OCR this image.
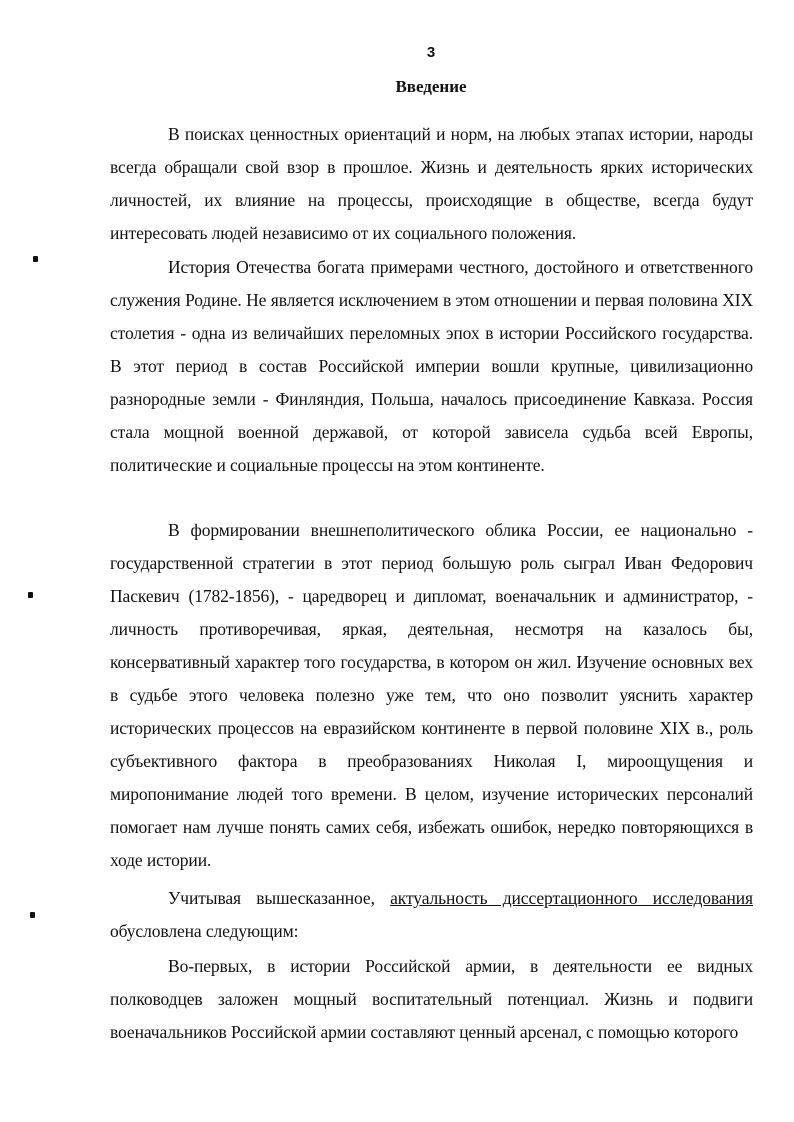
3
Введение

В поисках ценностных ориентаций и норм, на любых этапах истории, народы всегда обращали свой взор в прошлое. Жизнь и деятельность ярких исторических личностей, их влияние на процессы, происходящие в обществе, всегда будут интересовать людей независимо от их социального положения.

История Отечества богата примерами честного, достойного и ответственного служения Родине. Не является исключением в этом отношении и первая половина XIX столетия - одна из величайших переломных эпох в истории Российского государства. В этот период в состав Российской империи вошли крупные, цивилизационно разнородные земли - Финляндия, Польша, началось присоединение Кавказа. Россия стала мощной военной державой, от которой зависела судьба всей Европы, политические и социальные процессы на этом континенте.

В формировании внешнеполитического облика России, ее национально - государственной стратегии в этот период большую роль сыграл Иван Федорович Паскевич (1782-1856), - царедворец и дипломат, военачальник и администратор, - личность противоречивая, яркая, деятельная, несмотря на казалось бы, консервативный характер того государства, в котором он жил. Изучение основных вех в судьбе этого человека полезно уже тем, что оно позволит уяснить характер исторических процессов на евразийском континенте в первой половине XIX в., роль субъективного фактора в преобразованиях Николая I, мироощущения и миропонимание людей того времени. В целом, изучение исторических персоналий помогает нам лучше понять самих себя, избежать ошибок, нередко повторяющихся в ходе истории.

Учитывая вышесказанное, актуальность диссертационного исследования обусловлена следующим:

Во-первых, в истории Российской армии, в деятельности ее видных полководцев заложен мощный воспитательный потенциал. Жизнь и подвиги военачальников Российской армии составляют ценный арсенал, с помощью которого
